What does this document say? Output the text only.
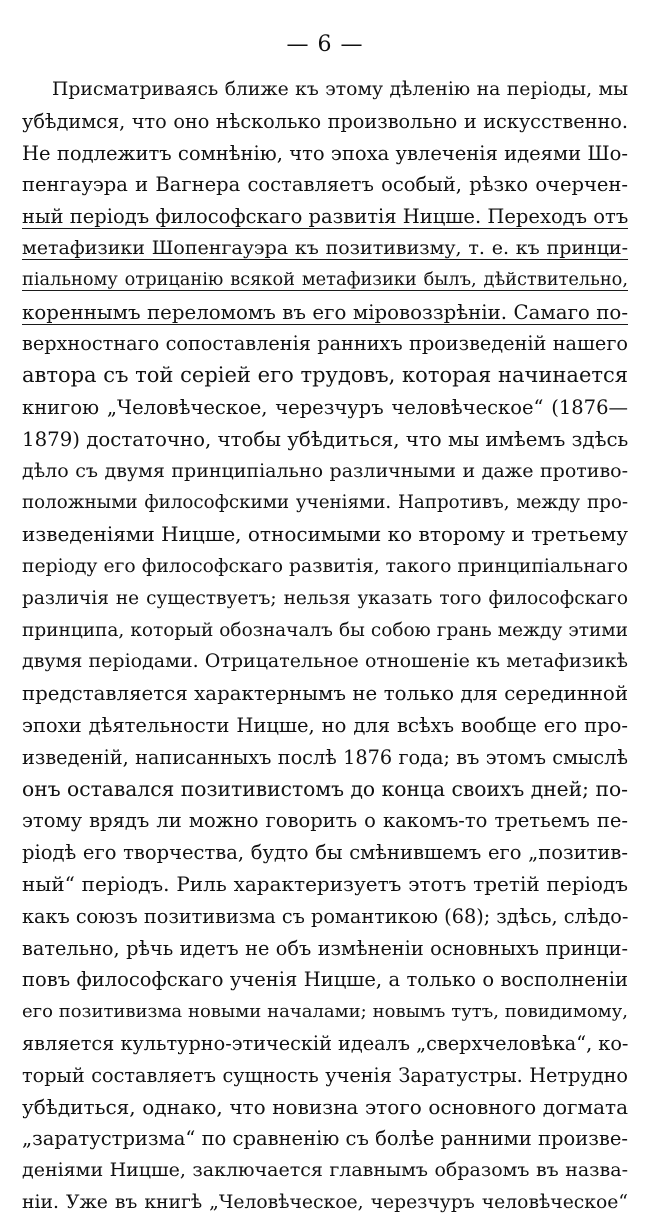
— 6 —
Присматриваясь ближе къ этому дѣленію на періоды, мы
убѣдимся, что оно нѣсколько произвольно и искусственно.
Не подлежитъ сомнѣнію, что эпоха увлеченія идеями Шо-
пенгауэра и Вагнера составляетъ особый, рѣзко очерчен-
ный періодъ философскаго развитія Ницше. Переходъ отъ
метафизики Шопенгауэра къ позитивизму, т. е. къ принци-
піальному отрицанію всякой метафизики былъ, дѣйствительно,
кореннымъ переломомъ въ его міровоззрѣніи. Самаго по-
верхностнаго сопоставленія раннихъ произведеній нашего
автора съ той серіей его трудовъ, которая начинается
книгою „Человѣческое, черезчуръ человѣческое“ (1876—
1879) достаточно, чтобы убѣдиться, что мы имѣемъ здѣсь
дѣло съ двумя принципіально различными и даже противо-
положными философскими ученіями. Напротивъ, между про-
изведеніями Ницше, относимыми ко второму и третьему
періоду его философскаго развитія, такого принципіальнаго
различія не существуетъ; нельзя указать того философскаго
принципа, который обозначалъ бы собою грань между этими
двумя періодами. Отрицательное отношеніе къ метафизикѣ
представляется характернымъ не только для серединной
эпохи дѣятельности Ницше, но для всѣхъ вообще его про-
изведеній, написанныхъ послѣ 1876 года; въ этомъ смыслѣ
онъ оставался позитивистомъ до конца своихъ дней; по-
этому врядъ ли можно говорить о какомъ-то третьемъ пе-
ріодѣ его творчества, будто бы смѣнившемъ его „позитив-
ный“ періодъ. Риль характеризуетъ этотъ третій періодъ
какъ союзъ позитивизма съ романтикою (68); здѣсь, слѣдо-
вательно, рѣчь идетъ не объ измѣненіи основныхъ принци-
повъ философскаго ученія Ницше, а только о восполненіи
его позитивизма новыми началами; новымъ тутъ, повидимому,
является культурно-этическій идеалъ „сверхчеловѣка“, ко-
торый составляетъ сущность ученія Заратустры. Нетрудно
убѣдиться, однако, что новизна этого основного догмата
„заратустризма“ по сравненію съ болѣе ранними произве-
деніями Ницше, заключается главнымъ образомъ въ назва-
ніи. Уже въ книгѣ „Человѣческое, черезчуръ человѣческое“
